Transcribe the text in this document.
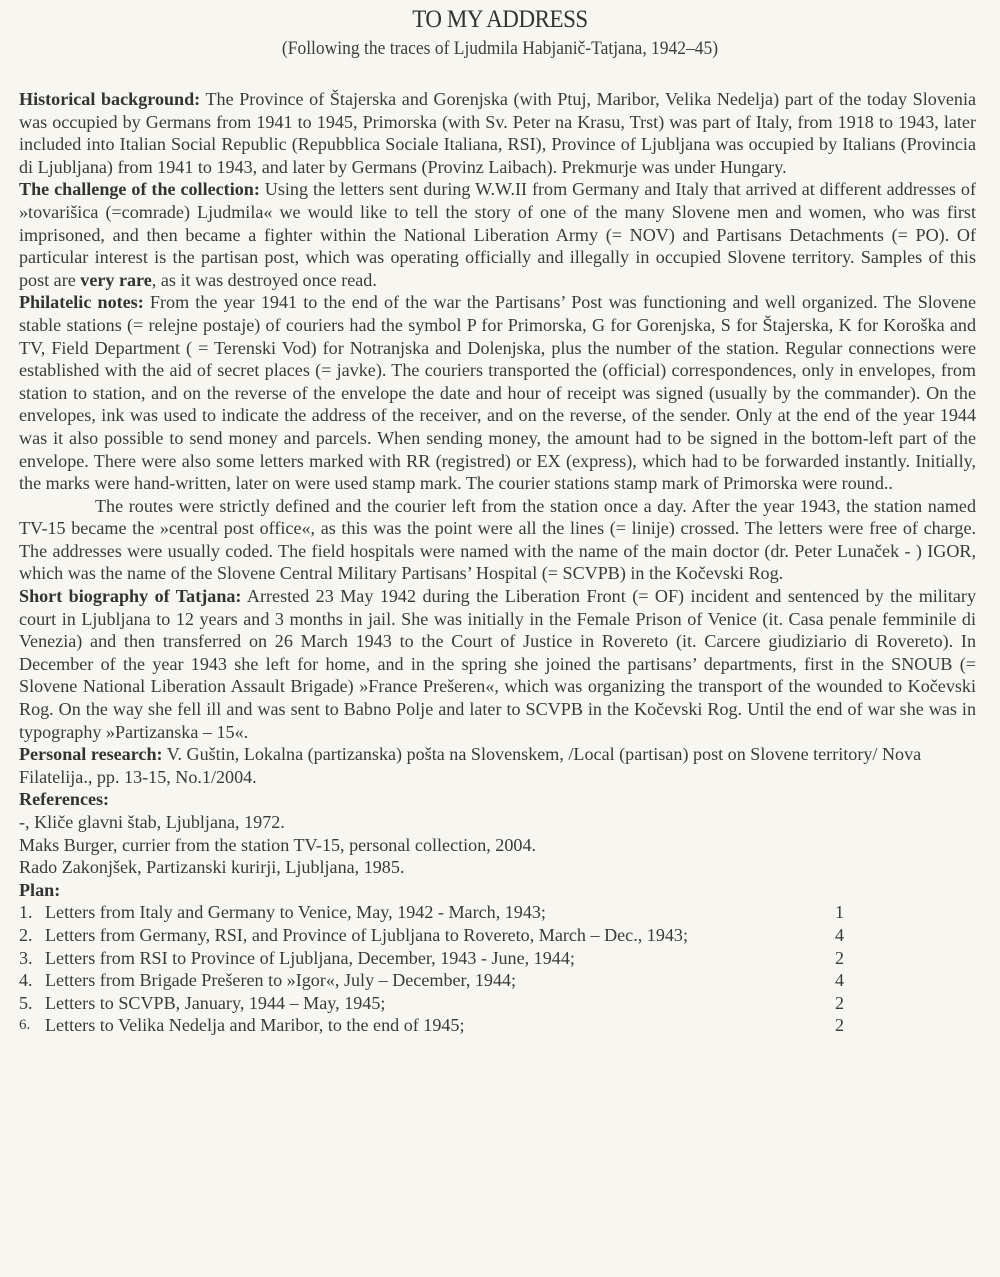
TO MY ADDRESS
(Following the traces of Ljudmila Habjanič-Tatjana, 1942–45)

Historical background: The Province of Štajerska and Gorenjska (with Ptuj, Maribor, Velika Nedelja) part of the today Slovenia was occupied by Germans from 1941 to 1945, Primorska (with Sv. Peter na Krasu, Trst) was part of Italy, from 1918 to 1943, later included into Italian Social Republic (Repubblica Sociale Italiana, RSI), Province of Ljubljana was occupied by Italians (Provincia di Ljubljana) from 1941 to 1943, and later by Germans (Provinz Laibach). Prekmurje was under Hungary.

The challenge of the collection: Using the letters sent during W.W.II from Germany and Italy that arrived at different addresses of »tovarišica (=comrade) Ljudmila« we would like to tell the story of one of the many Slovene men and women, who was first imprisoned, and then became a fighter within the National Liberation Army (= NOV) and Partisans Detachments (= PO). Of particular interest is the partisan post, which was operating officially and illegally in occupied Slovene territory. Samples of this post are very rare, as it was destroyed once read.

Philatelic notes: From the year 1941 to the end of the war the Partisans’ Post was functioning and well organized. The Slovene stable stations (= relejne postaje) of couriers had the symbol P for Primorska, G for Gorenjska, S for Štajerska, K for Koroška and TV, Field Department ( = Terenski Vod) for Notranjska and Dolenjska, plus the number of the station. Regular connections were established with the aid of secret places (= javke). The couriers transported the (official) correspondences, only in envelopes, from station to station, and on the reverse of the envelope the date and hour of receipt was signed (usually by the commander). On the envelopes, ink was used to indicate the address of the receiver, and on the reverse, of the sender. Only at the end of the year 1944 was it also possible to send money and parcels. When sending money, the amount had to be signed in the bottom-left part of the envelope. There were also some letters marked with RR (registred) or EX (express), which had to be forwarded instantly. Initially, the marks were hand-written, later on were used stamp mark. The courier stations stamp mark of Primorska were round..

The routes were strictly defined and the courier left from the station once a day. After the year 1943, the station named TV-15 became the »central post office«, as this was the point were all the lines (= linije) crossed. The letters were free of charge. The addresses were usually coded. The field hospitals were named with the name of the main doctor (dr. Peter Lunaček - ) IGOR, which was the name of the Slovene Central Military Partisans’ Hospital (= SCVPB) in the Kočevski Rog.

Short biography of Tatjana: Arrested 23 May 1942 during the Liberation Front (= OF) incident and sentenced by the military court in Ljubljana to 12 years and 3 months in jail. She was initially in the Female Prison of Venice (it. Casa penale femminile di Venezia) and then transferred on 26 March 1943 to the Court of Justice in Rovereto (it. Carcere giudiziario di Rovereto). In December of the year 1943 she left for home, and in the spring she joined the partisans’ departments, first in the SNOUB (= Slovene National Liberation Assault Brigade) »France Prešeren«, which was organizing the transport of the wounded to Kočevski Rog. On the way she fell ill and was sent to Babno Polje and later to SCVPB in the Kočevski Rog. Until the end of war she was in typography »Partizanska – 15«.

Personal research: V. Guštin, Lokalna (partizanska) pošta na Slovenskem, /Local (partisan) post on Slovene territory/ Nova Filatelija., pp. 13-15, No.1/2004.

References:

-, Kliče glavni štab, Ljubljana, 1972.

Maks Burger, currier from the station TV-15, personal collection, 2004.

Rado Zakonjšek, Partizanski kurirji, Ljubljana, 1985.

Plan:

1. Letters from Italy and Germany to Venice, May, 1942 - March, 1943;	1
2. Letters from Germany, RSI, and Province of Ljubljana to Rovereto, March – Dec., 1943;	4
3. Letters from RSI to Province of Ljubljana, December, 1943 - June, 1944;	2
4. Letters from Brigade Prešeren to »Igor«, July – December, 1944;	4
5. Letters to SCVPB, January, 1944 – May, 1945;	2
6. Letters to Velika Nedelja and Maribor, to the end of 1945;	2
